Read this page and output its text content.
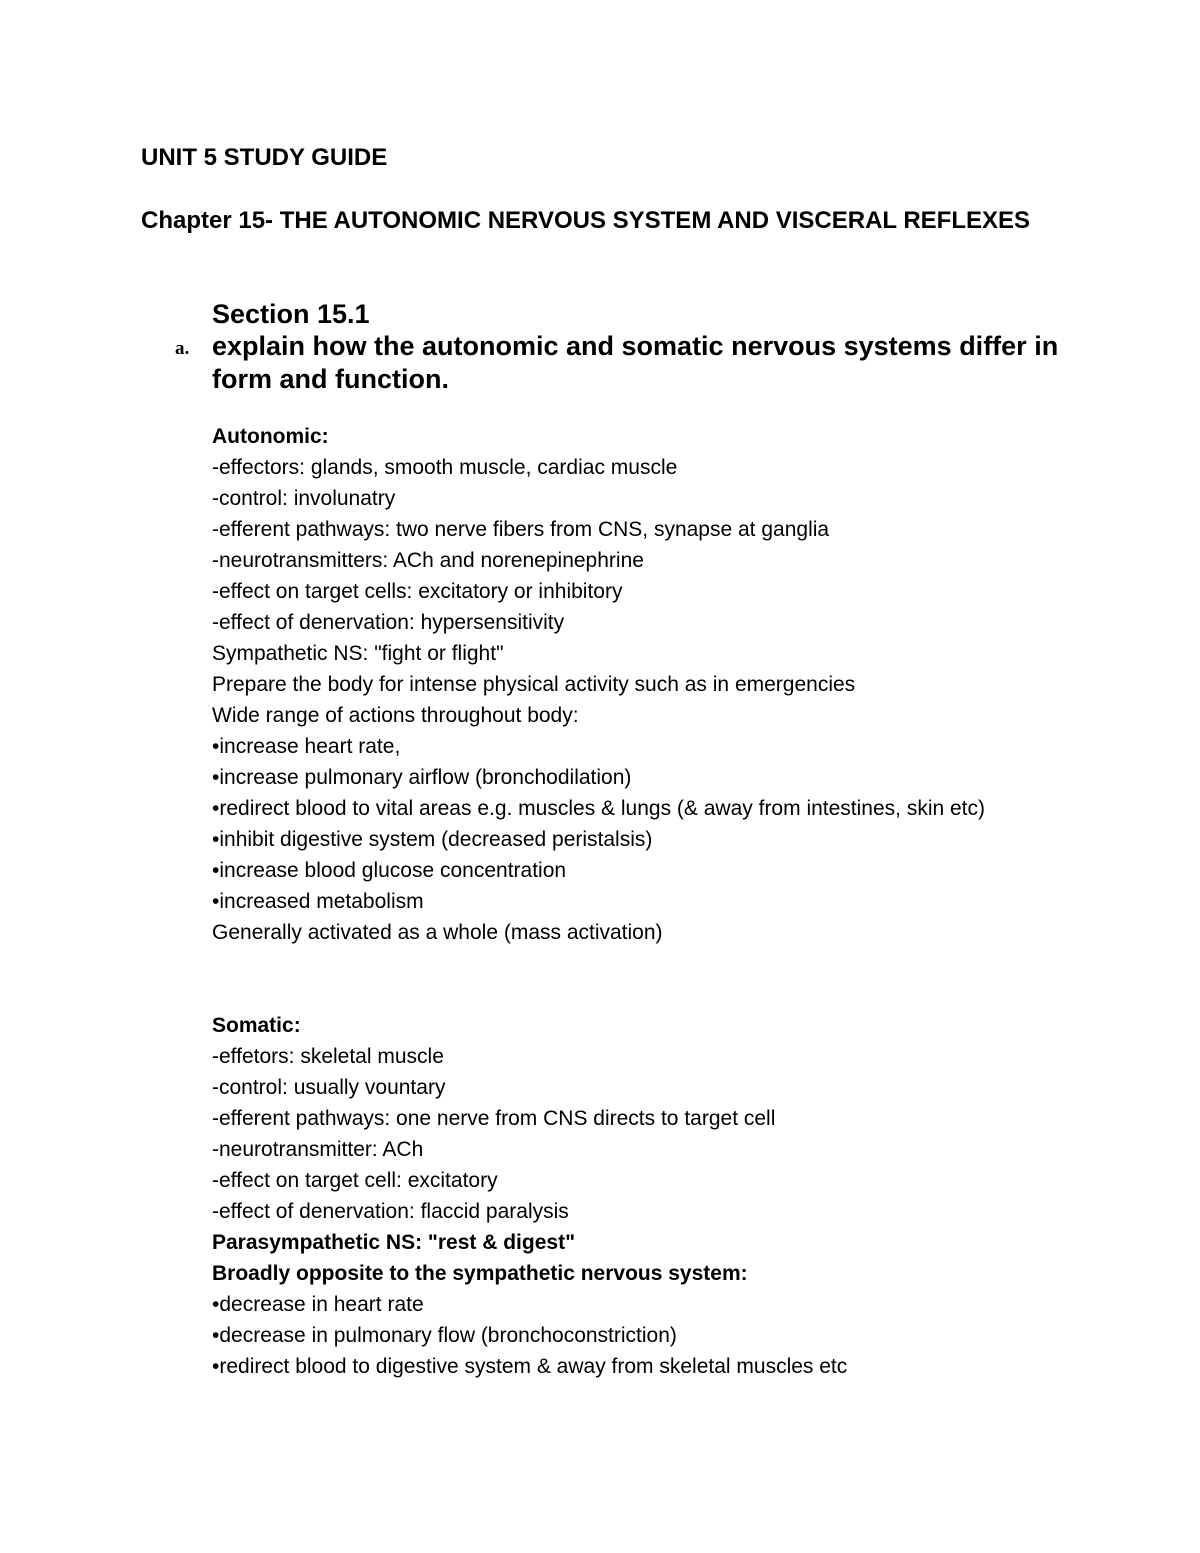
UNIT 5 STUDY GUIDE
Chapter 15- THE AUTONOMIC NERVOUS SYSTEM AND VISCERAL REFLEXES

Section 15.1

a. explain how the autonomic and somatic nervous systems differ in form and function.

Autonomic:

-effectors: glands, smooth muscle, cardiac muscle

-control: involunatry

-efferent pathways: two nerve fibers from CNS, synapse at ganglia

-neurotransmitters: ACh and norenepinephrine

-effect on target cells: excitatory or inhibitory

-effect of denervation: hypersensitivity

Sympathetic NS: "fight or flight"

Prepare the body for intense physical activity such as in emergencies

Wide range of actions throughout body:

•increase heart rate,

•increase pulmonary airflow (bronchodilation)

•redirect blood to vital areas e.g. muscles & lungs (& away from intestines, skin etc)

•inhibit digestive system (decreased peristalsis)

•increase blood glucose concentration

•increased metabolism

Generally activated as a whole (mass activation)

Somatic:

-effetors: skeletal muscle

-control: usually vountary

-efferent pathways: one nerve from CNS directs to target cell

-neurotransmitter: ACh

-effect on target cell: excitatory

-effect of denervation: flaccid paralysis

Parasympathetic NS: "rest & digest"

Broadly opposite to the sympathetic nervous system:

•decrease in heart rate

•decrease in pulmonary flow (bronchoconstriction)

•redirect blood to digestive system & away from skeletal muscles etc
